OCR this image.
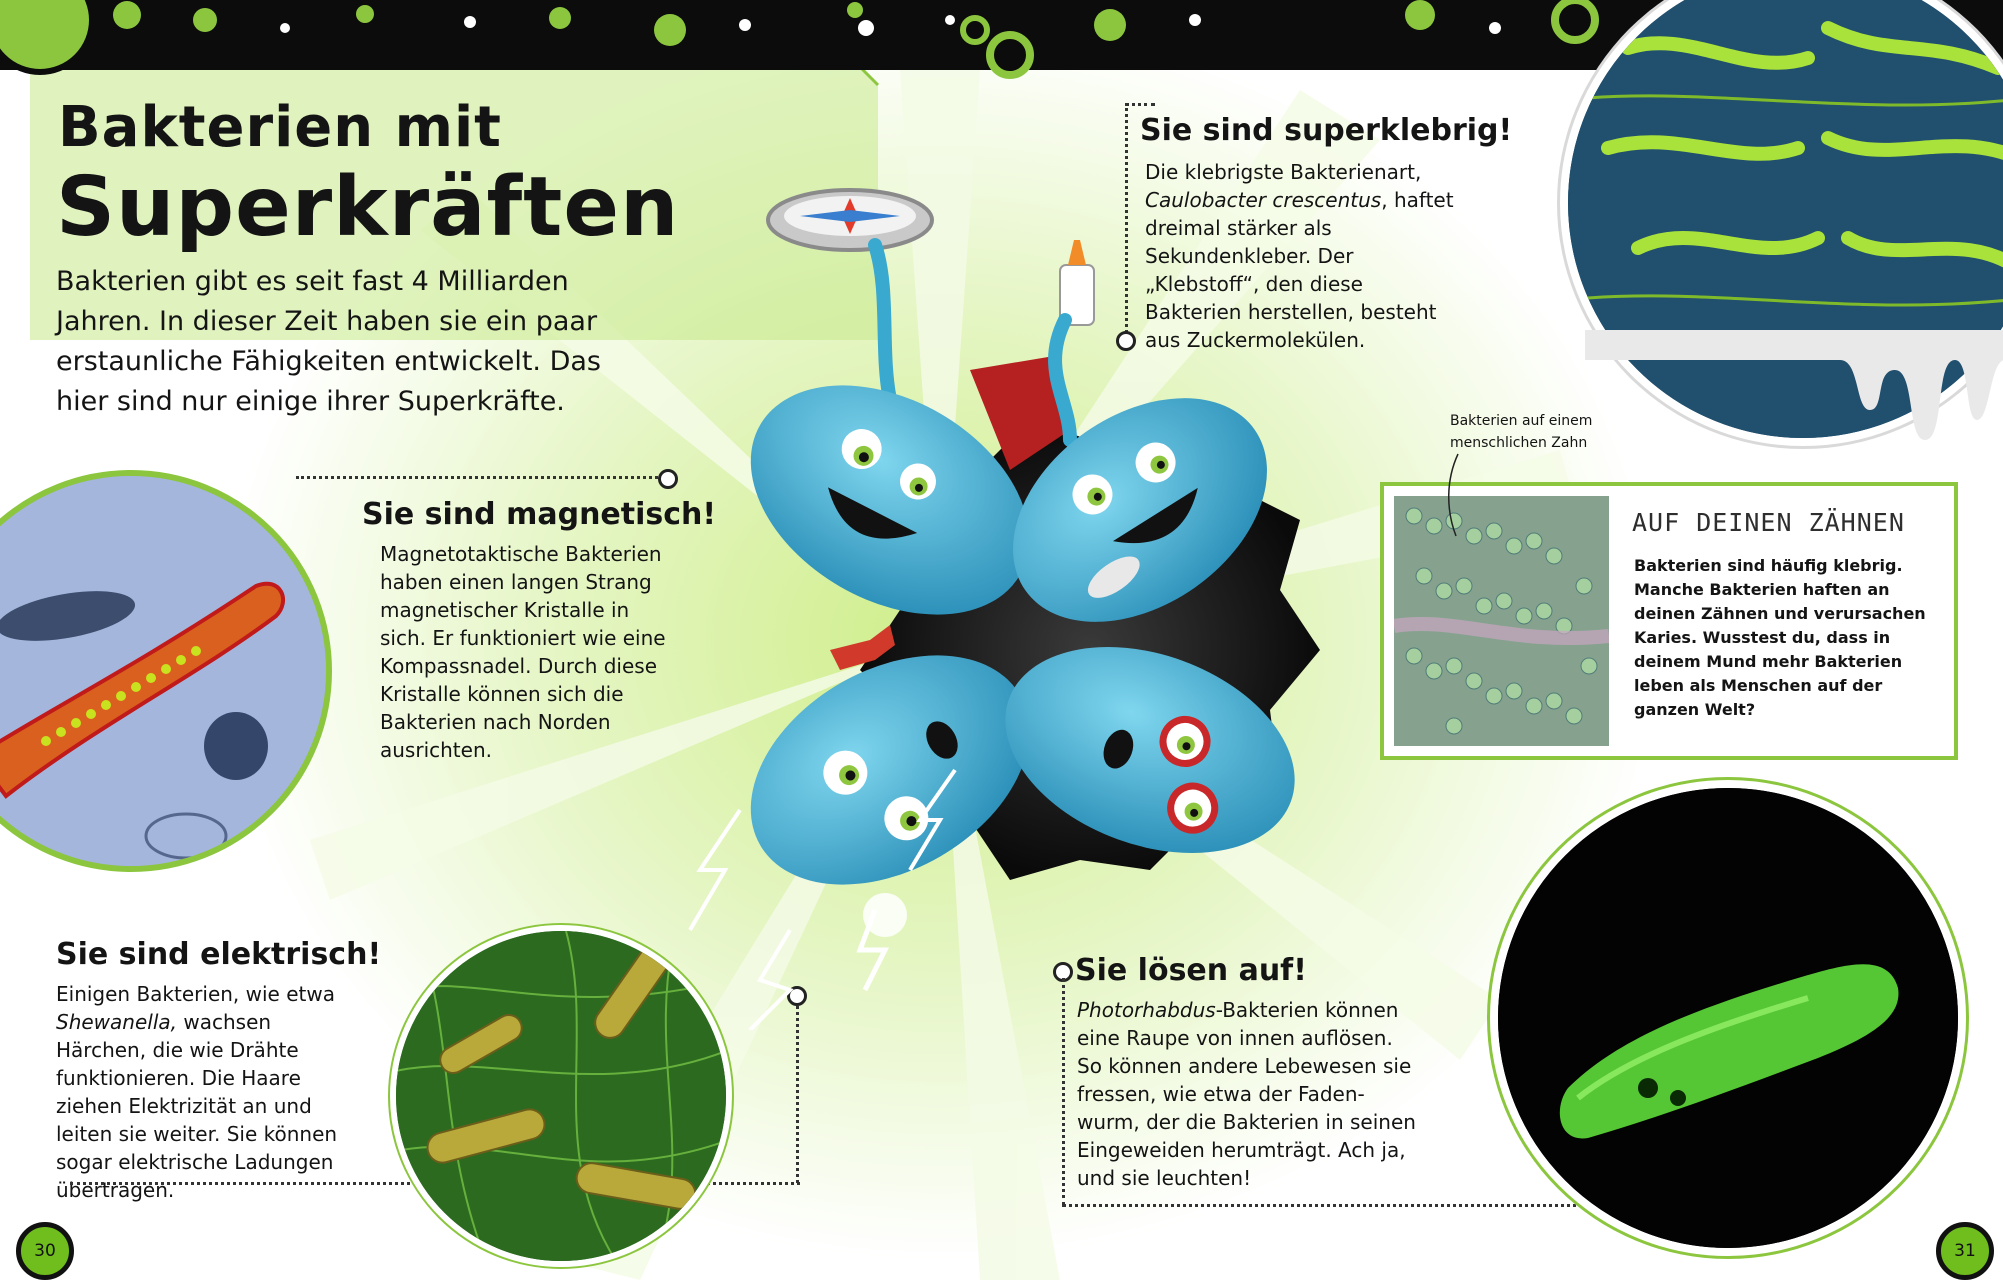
Bakterien mit
Superkräften

Bakterien gibt es seit fast 4 Milliarden Jahren. In dieser Zeit haben sie ein paar erstaunliche Fähigkeiten entwickelt. Das hier sind nur einige ihrer Superkräfte.

Sie sind magnetisch!

Magnetotaktische Bakterien haben einen langen Strang magnetischer Kristalle in sich. Er funktioniert wie eine Kompassnadel. Durch diese Kristalle können sich die Bakterien nach Norden ausrichten.

Sie sind elektrisch!

Einigen Bakterien, wie etwa Shewanella, wachsen Härchen, die wie Drähte funktionieren. Die Haare ziehen Elektrizität an und leiten sie weiter. Sie können sogar elektrische Ladungen übertragen.

Sie sind superklebrig!

Die klebrigste Bakterienart, Caulobacter crescentus, haftet dreimal stärker als Sekundenkleber. Der „Klebstoff“, den diese Bakterien herstellen, besteht aus Zuckermolekülen.

Bakterien auf einem menschlichen Zahn
AUF DEINEN ZÄHNEN

Bakterien sind häufig klebrig. Manche Bakterien haften an deinen Zähnen und verursachen Karies. Wusstest du, dass in deinem Mund mehr Bakterien leben als Menschen auf der ganzen Welt?

Sie lösen auf!

Photorhabdus-Bakterien können eine Raupe von innen auflösen. So können andere Lebewesen sie fressen, wie etwa der Faden-wurm, der die Bakterien in seinen Eingeweiden herumträgt. Ach ja, und sie leuchten!

30	31
